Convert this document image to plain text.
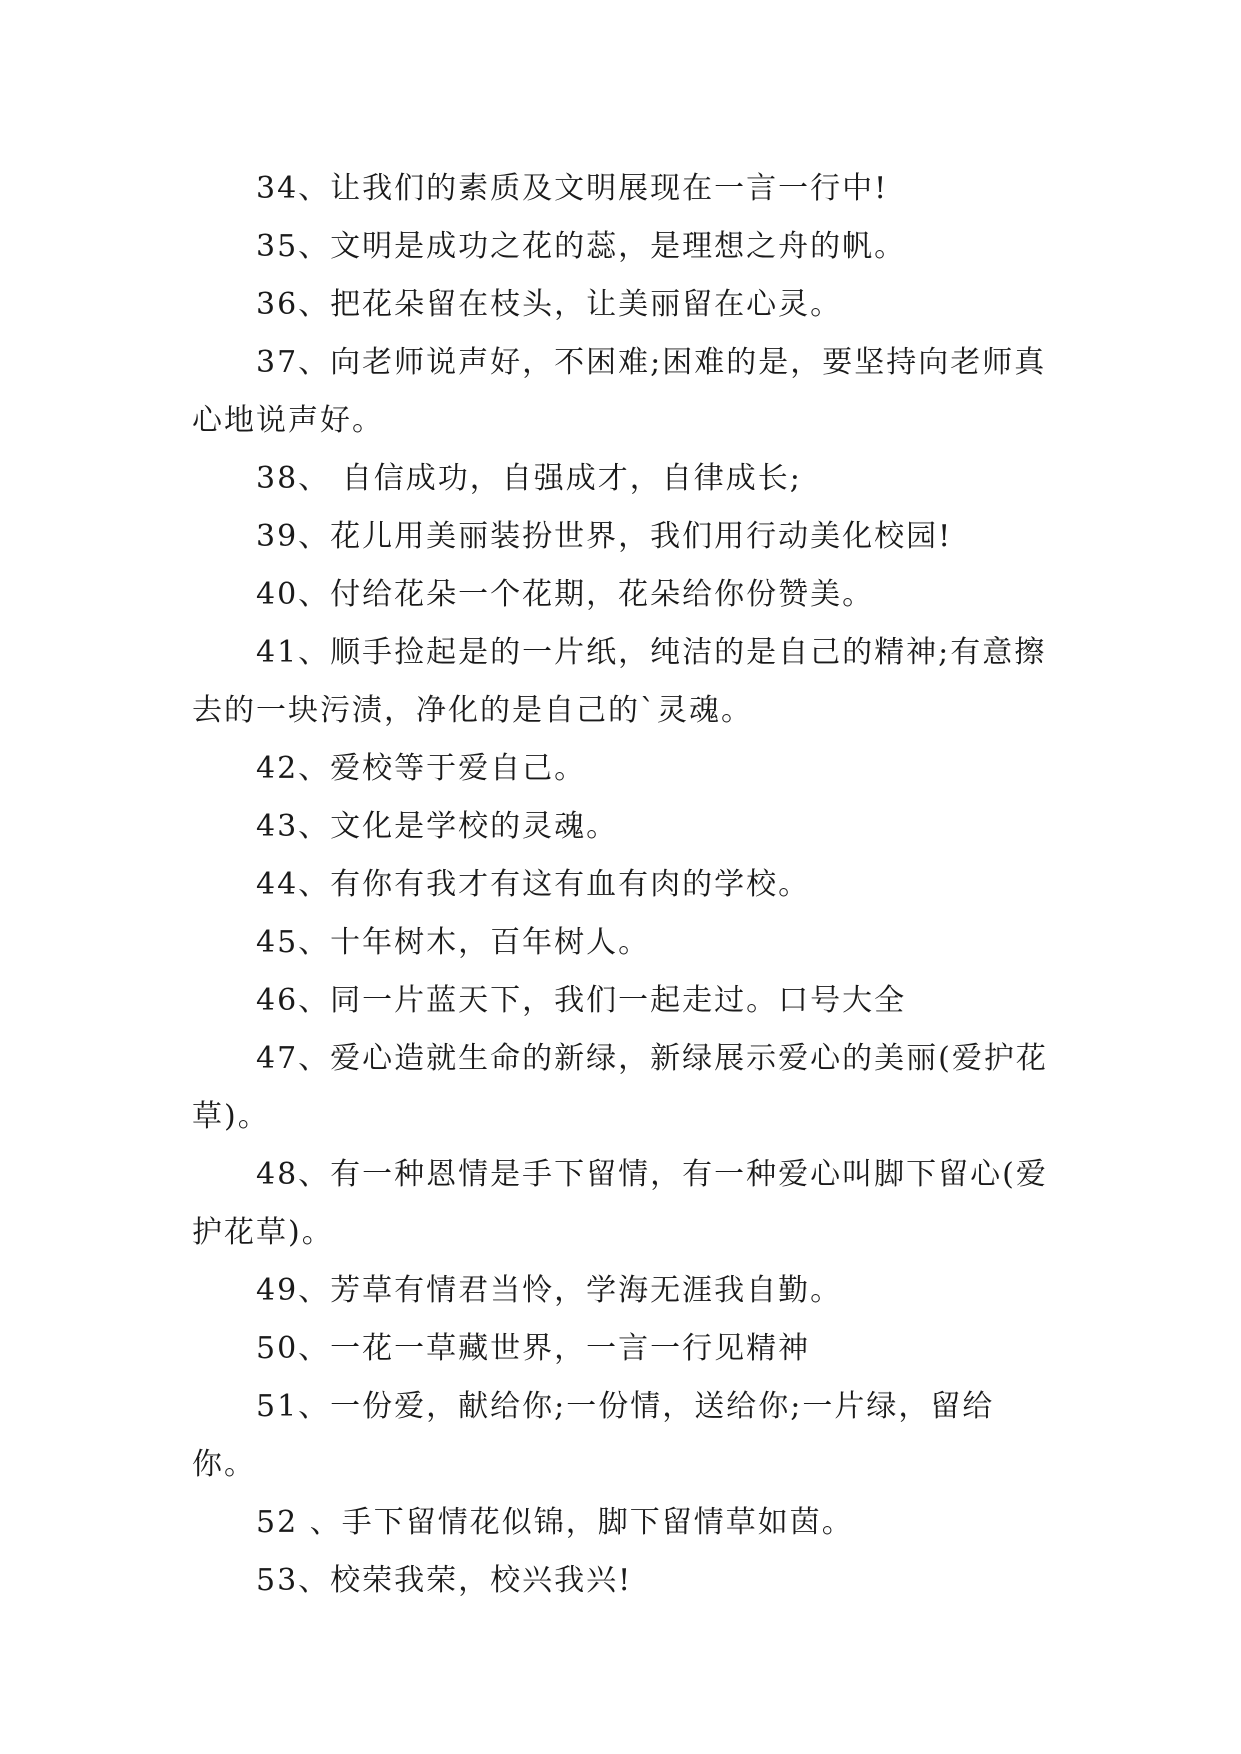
34、让我们的素质及文明展现在一言一行中!

35、文明是成功之花的蕊，是理想之舟的帆。

36、把花朵留在枝头，让美丽留在心灵。

37、向老师说声好，不困难;困难的是，要坚持向老师真心地说声好。

38、 自信成功，自强成才，自律成长;

39、花儿用美丽装扮世界，我们用行动美化校园!

40、付给花朵一个花期，花朵给你份赞美。

41、顺手捡起是的一片纸，纯洁的是自己的精神;有意擦去的一块污渍，净化的是自己的`灵魂。

42、爱校等于爱自己。

43、文化是学校的灵魂。

44、有你有我才有这有血有肉的学校。

45、十年树木，百年树人。

46、同一片蓝天下，我们一起走过。口号大全

47、爱心造就生命的新绿，新绿展示爱心的美丽(爱护花草)。

48、有一种恩情是手下留情，有一种爱心叫脚下留心(爱护花草)。

49、芳草有情君当怜，学海无涯我自勤。

50、一花一草藏世界，一言一行见精神

51、一份爱，献给你;一份情，送给你;一片绿，留给你。

52 、手下留情花似锦，脚下留情草如茵。

53、校荣我荣，校兴我兴!
